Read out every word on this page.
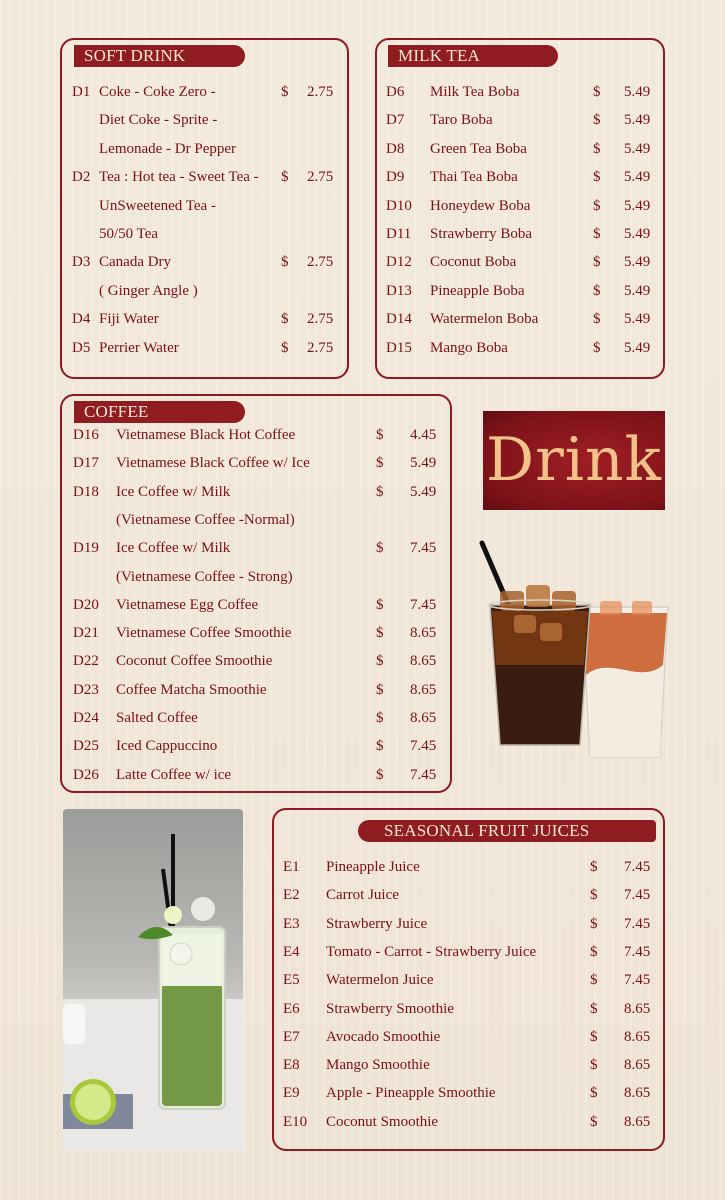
SOFT DRINK
D1 Coke - Coke Zero -	$ 2.75
Diet Coke - Sprite -
Lemonade - Dr Pepper
D2 Tea : Hot tea - Sweet Tea - $ 2.75
UnSweetened Tea -
50/50 Tea
D3 Canada Dry	$ 2.75
( Ginger Angle )
D4 Fiji Water	$ 2.75
D5 Perrier Water	$ 2.75
MILK TEA
D6 Milk Tea Boba	$ 5.49
D7 Taro Boba	$ 5.49
D8 Green Tea Boba	$ 5.49
D9 Thai Tea Boba	$ 5.49
D10 Honeydew Boba	$ 5.49
D11 Strawberry Boba	$ 5.49
D12 Coconut Boba	$ 5.49
D13 Pineapple Boba	$ 5.49
D14 Watermelon Boba	$ 5.49
D15 Mango Boba	$ 5.49
COFFEE
D16 Vietnamese Black Hot Coffee	$ 4.45
D17 Vietnamese Black Coffee w/ Ice	$ 5.49
D18 Ice Coffee w/ Milk	$ 5.49
(Vietnamese Coffee -Normal)
D19 Ice Coffee w/ Milk	$ 7.45
(Vietnamese Coffee - Strong)
D20 Vietnamese Egg Coffee	$ 7.45
D21 Vietnamese Coffee Smoothie	$ 8.65
D22 Coconut Coffee Smoothie	$ 8.65
D23 Coffee Matcha Smoothie	$ 8.65
D24 Salted Coffee	$ 8.65
D25 Iced Cappuccino	$ 7.45
D26 Latte Coffee w/ ice	$ 7.45
Drink
SEASONAL FRUIT JUICES
E1 Pineapple Juice	$ 7.45
E2 Carrot Juice	$ 7.45
E3 Strawberry Juice	$ 7.45
E4 Tomato - Carrot - Strawberry Juice	$ 7.45
E5 Watermelon Juice	$ 7.45
E6 Strawberry Smoothie	$ 8.65
E7 Avocado Smoothie	$ 8.65
E8 Mango Smoothie	$ 8.65
E9 Apple - Pineapple Smoothie	$ 8.65
E10 Coconut Smoothie	$ 8.65
